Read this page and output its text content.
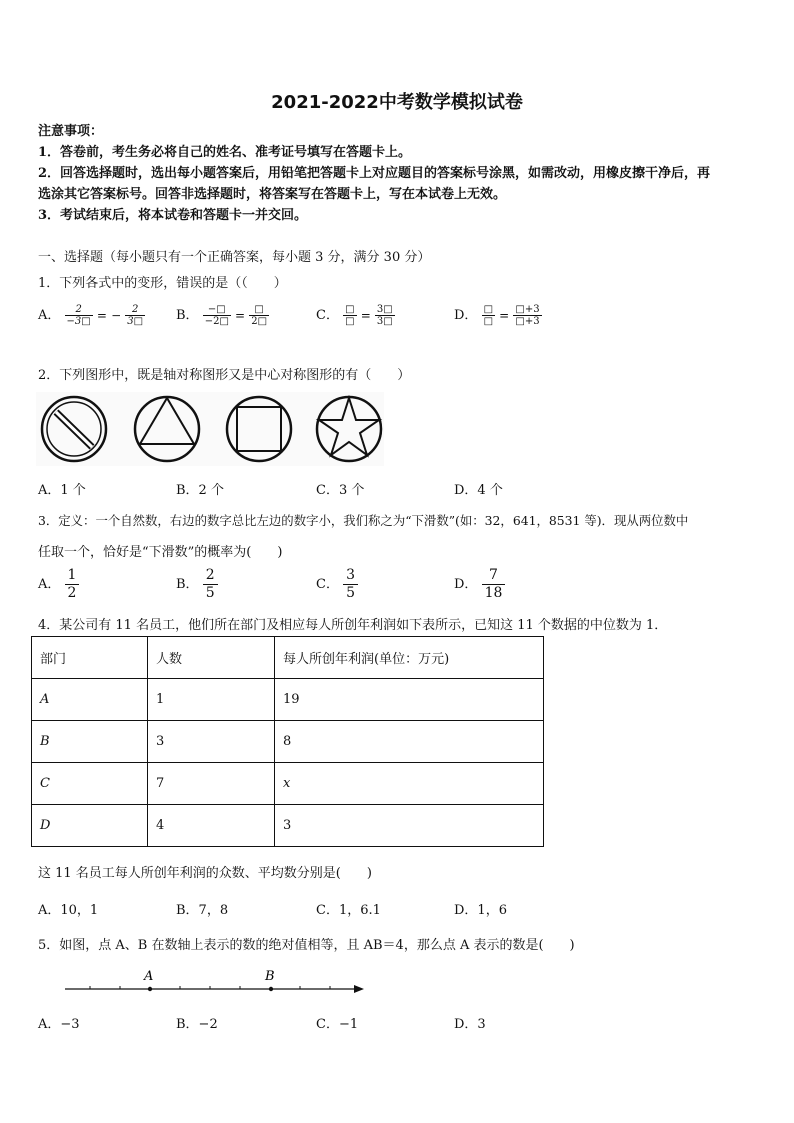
2021-2022中考数学模拟试卷
注意事项：
1．答卷前，考生务必将自己的姓名、准考证号填写在答题卡上。
2．回答选择题时，选出每小题答案后，用铅笔把答题卡上对应题目的答案标号涂黑，如需改动，用橡皮擦干净后，再
选涂其它答案标号。回答非选择题时，将答案写在答题卡上，写在本试卷上无效。
3．考试结束后，将本试卷和答题卡一并交回。
一、选择题（每小题只有一个正确答案，每小题 3 分，满分 30 分）
1．下列各式中的变形，错误的是（（　　）
A． $\frac{2}{-3□}$ = − $\frac{2}{3□}$ B． $\frac{-□}{-2□} = \frac{□}{2□}$	C． $\frac{□}{□} = \frac{3□}{3□}$	D． $\frac{□}{□} = \frac{□+3}{□+3}$
2．下列图形中，既是轴对称图形又是中心对称图形的有（　　）
A．1 个	B．2 个	C．3 个	D．4 个
3．定义：一个自然数，右边的数字总比左边的数字小，我们称之为“下滑数”(如：32，641，8531 等)．现从两位数中
任取一个，恰好是“下滑数”的概率为(　　)
A． $\frac{1}{2}$	B． $\frac{2}{5}$	C． $\frac{3}{5}$	D． $\frac{7}{18}$
4．某公司有 11 名员工，他们所在部门及相应每人所创年利润如下表所示，已知这 11 个数据的中位数为 1．
部门	人数	每人所创年利润(单位：万元)
A	1	19
B	3	8
C	7	x
D	4	3
这 11 名员工每人所创年利润的众数、平均数分别是(　　)
A．10，1	B．7，8	C．1，6.1	D．1，6
5．如图，点 A、B 在数轴上表示的数的绝对值相等，且 AB＝4，那么点 A 表示的数是(　　)
A	B
A．−3	B．−2	C．−1	D．3
